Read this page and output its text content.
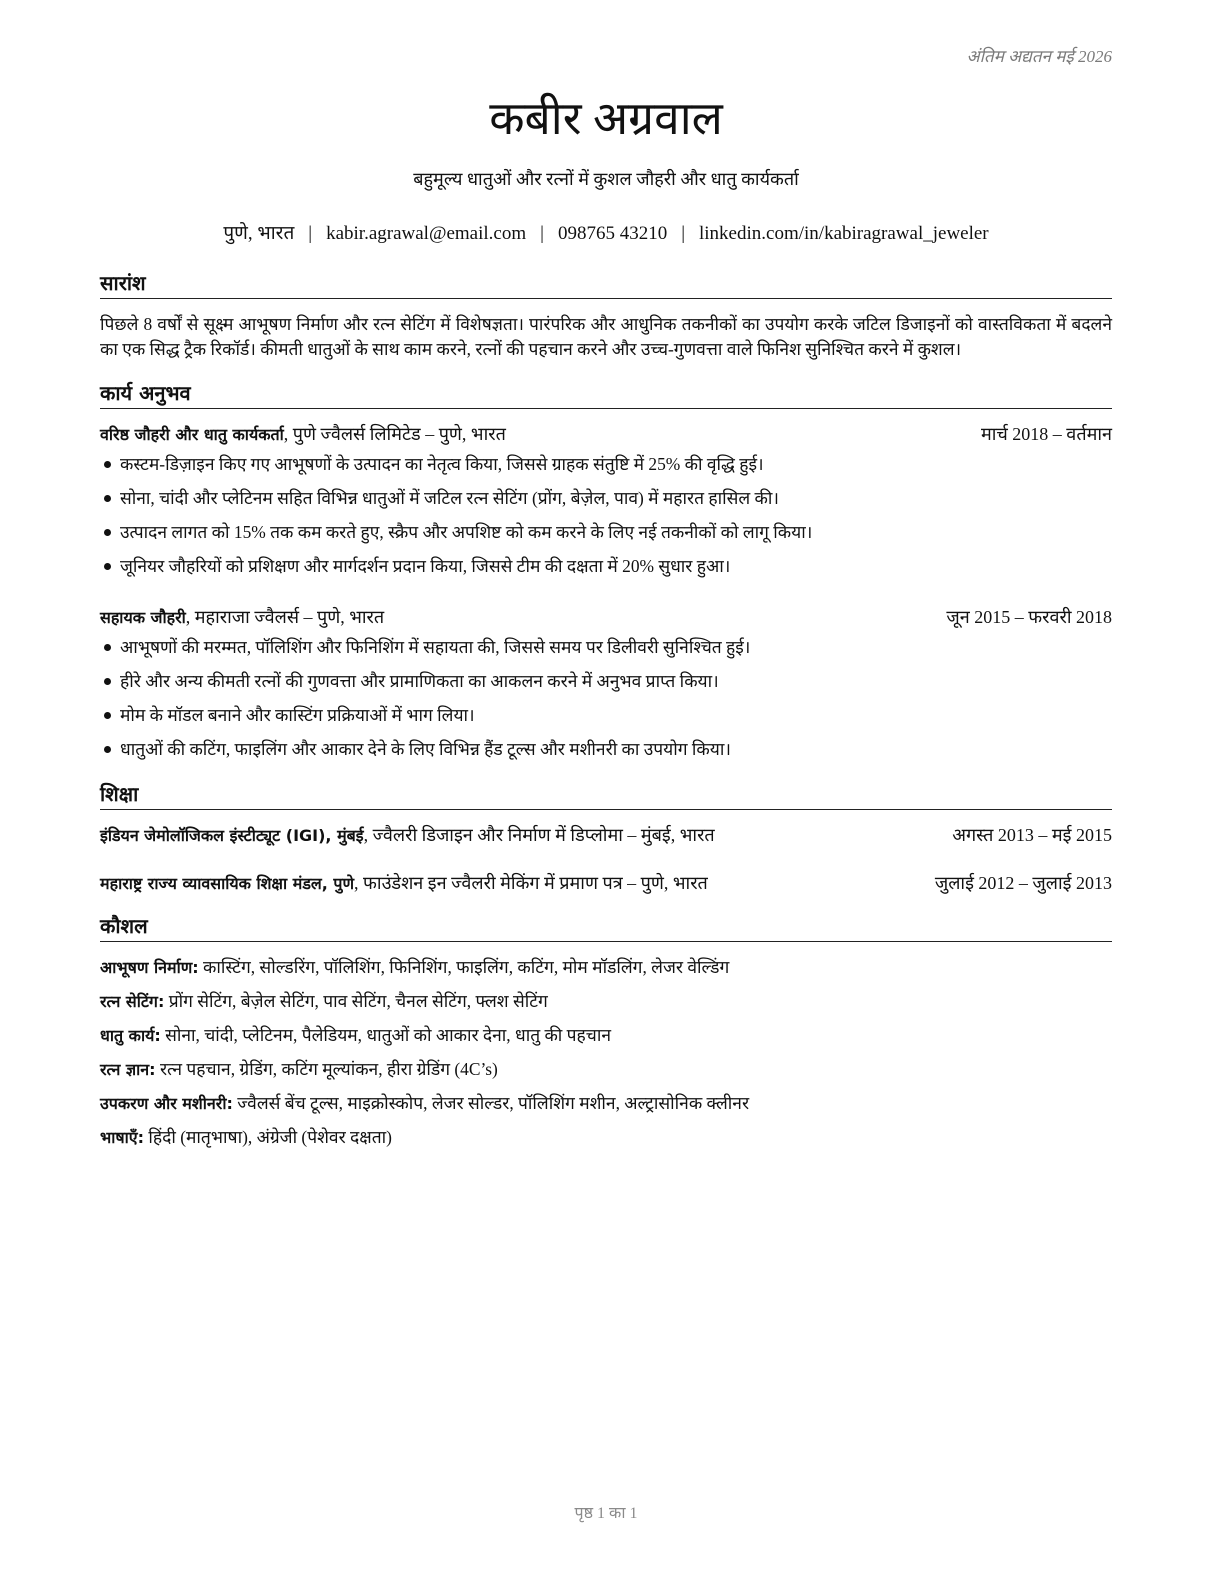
अंतिम अद्यतन मई 2026
कबीर अग्रवाल
बहुमूल्य धातुओं और रत्नों में कुशल जौहरी और धातु कार्यकर्ता
पुणे, भारत | kabir.agrawal@email.com | 098765 43210 | linkedin.com/in/kabiragrawal_jeweler
सारांश

पिछले 8 वर्षों से सूक्ष्म आभूषण निर्माण और रत्न सेटिंग में विशेषज्ञता। पारंपरिक और आधुनिक तकनीकों का उपयोग करके जटिल डिजाइनों को वास्तविकता में बदलने का एक सिद्ध ट्रैक रिकॉर्ड। कीमती धातुओं के साथ काम करने, रत्नों की पहचान करने और उच्च-गुणवत्ता वाले फिनिश सुनिश्चित करने में कुशल।

कार्य अनुभव
वरिष्ठ जौहरी और धातु कार्यकर्ता, पुणे ज्वैलर्स लिमिटेड – पुणे, भारत	मार्च 2018 – वर्तमान
कस्टम-डिज़ाइन किए गए आभूषणों के उत्पादन का नेतृत्व किया, जिससे ग्राहक संतुष्टि में 25% की वृद्धि हुई।
सोना, चांदी और प्लेटिनम सहित विभिन्न धातुओं में जटिल रत्न सेटिंग (प्रोंग, बेज़ेल, पाव) में महारत हासिल की।
उत्पादन लागत को 15% तक कम करते हुए, स्क्रैप और अपशिष्ट को कम करने के लिए नई तकनीकों को लागू किया।
जूनियर जौहरियों को प्रशिक्षण और मार्गदर्शन प्रदान किया, जिससे टीम की दक्षता में 20% सुधार हुआ।
सहायक जौहरी, महाराजा ज्वैलर्स – पुणे, भारत	जून 2015 – फरवरी 2018
आभूषणों की मरम्मत, पॉलिशिंग और फिनिशिंग में सहायता की, जिससे समय पर डिलीवरी सुनिश्चित हुई।
हीरे और अन्य कीमती रत्नों की गुणवत्ता और प्रामाणिकता का आकलन करने में अनुभव प्राप्त किया।
मोम के मॉडल बनाने और कास्टिंग प्रक्रियाओं में भाग लिया।
धातुओं की कटिंग, फाइलिंग और आकार देने के लिए विभिन्न हैंड टूल्स और मशीनरी का उपयोग किया।
शिक्षा
इंडियन जेमोलॉजिकल इंस्टीट्यूट (IGI), मुंबई, ज्वैलरी डिजाइन और निर्माण में डिप्लोमा – मुंबई, भारत	अगस्त 2013 – मई 2015
महाराष्ट्र राज्य व्यावसायिक शिक्षा मंडल, पुणे, फाउंडेशन इन ज्वैलरी मेकिंग में प्रमाण पत्र – पुणे, भारत	जुलाई 2012 – जुलाई 2013
कौशल
आभूषण निर्माण: कास्टिंग, सोल्डरिंग, पॉलिशिंग, फिनिशिंग, फाइलिंग, कटिंग, मोम मॉडलिंग, लेजर वेल्डिंग
रत्न सेटिंग: प्रोंग सेटिंग, बेज़ेल सेटिंग, पाव सेटिंग, चैनल सेटिंग, फ्लश सेटिंग
धातु कार्य: सोना, चांदी, प्लेटिनम, पैलेडियम, धातुओं को आकार देना, धातु की पहचान
रत्न ज्ञान: रत्न पहचान, ग्रेडिंग, कटिंग मूल्यांकन, हीरा ग्रेडिंग (4C’s)
उपकरण और मशीनरी: ज्वैलर्स बेंच टूल्स, माइक्रोस्कोप, लेजर सोल्डर, पॉलिशिंग मशीन, अल्ट्रासोनिक क्लीनर
भाषाएँ: हिंदी (मातृभाषा), अंग्रेजी (पेशेवर दक्षता)
पृष्ठ 1 का 1
